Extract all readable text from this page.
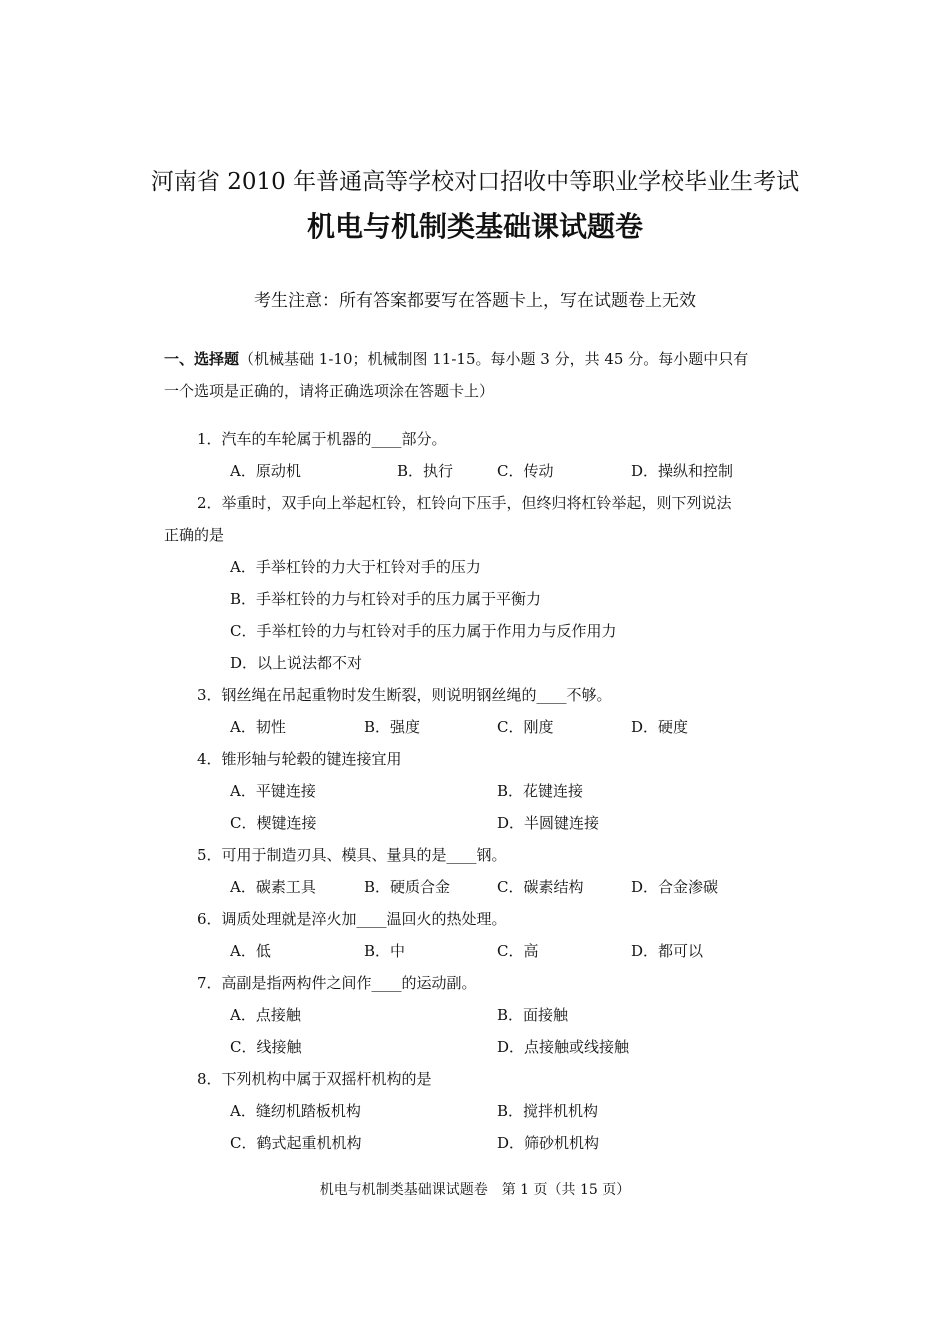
河南省 2010 年普通高等学校对口招收中等职业学校毕业生考试
机电与机制类基础课试题卷
考生注意：所有答案都要写在答题卡上，写在试题卷上无效
一、选择题（机械基础 1-10；机械制图 11-15。每小题 3 分，共 45 分。每小题中只有
一个选项是正确的，请将正确选项涂在答题卡上）
1．汽车的车轮属于机器的____部分。
A．原动机	B．执行	C．传动	D．操纵和控制
2．举重时，双手向上举起杠铃，杠铃向下压手，但终归将杠铃举起，则下列说法
正确的是
A．手举杠铃的力大于杠铃对手的压力
B．手举杠铃的力与杠铃对手的压力属于平衡力
C．手举杠铃的力与杠铃对手的压力属于作用力与反作用力
D．以上说法都不对
3．钢丝绳在吊起重物时发生断裂，则说明钢丝绳的____不够。
A．韧性	B．强度	C．刚度	D．硬度
4．锥形轴与轮毂的键连接宜用
A．平键连接	B．花键连接
C．楔键连接	D．半圆键连接
5．可用于制造刃具、模具、量具的是____钢。
A．碳素工具	B．硬质合金	C．碳素结构	D．合金渗碳
6．调质处理就是淬火加____温回火的热处理。
A．低	B．中	C．高	D．都可以
7．高副是指两构件之间作____的运动副。
A．点接触	B．面接触
C．线接触	D．点接触或线接触
8．下列机构中属于双摇杆机构的是
A．缝纫机踏板机构	B．搅拌机机构
C．鹤式起重机机构	D．筛砂机机构
机电与机制类基础课试题卷　第 1 页（共 15 页）
